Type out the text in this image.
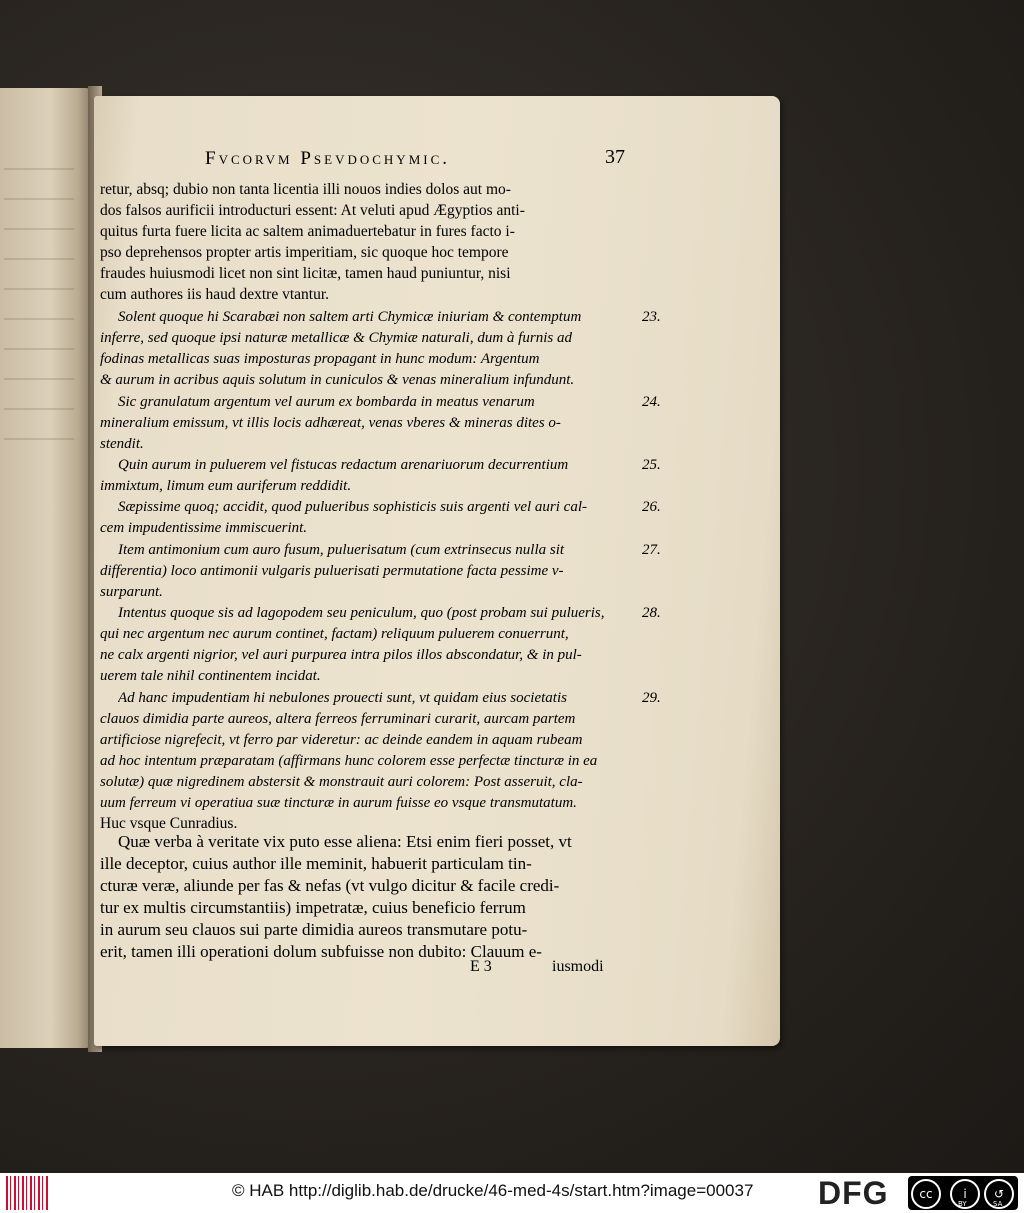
Fvcorvm Psevdochymic.	37
retur, absq; dubio non tanta licentia illi nouos indies dolos aut mo-
dos falsos aurificii introducturi essent: At veluti apud Ægyptios anti-
quitus furta fuere licita ac saltem animaduertebatur in fures facto i-
pso deprehensos propter artis imperitiam, sic quoque hoc tempore
fraudes huiusmodi licet non sint licitæ, tamen haud puniuntur, nisi
cum authores iis haud dextre vtantur.
Solent quoque hi Scarabæi non saltem arti Chymicæ iniuriam & contemptum
inferre, sed quoque ipsi naturæ metallicæ & Chymiæ naturali, dum à furnis ad
fodinas metallicas suas imposturas propagant in hunc modum: Argentum
& aurum in acribus aquis solutum in cuniculos & venas mineralium infundunt.
Sic granulatum argentum vel aurum ex bombarda in meatus venarum
mineralium emissum, vt illis locis adhæreat, venas vberes & mineras dites o-
stendit.
Quin aurum in puluerem vel fistucas redactum arenariuorum decurrentium
immixtum, limum eum auriferum reddidit.
Sæpissime quoq; accidit, quod pulueribus sophisticis suis argenti vel auri cal-
cem impudentissime immiscuerint.
Item antimonium cum auro fusum, puluerisatum (cum extrinsecus nulla sit
differentia) loco antimonii vulgaris puluerisati permutatione facta pessime v-
surparunt.
Intentus quoque sis ad lagopodem seu peniculum, quo (post probam sui pulueris,
qui nec argentum nec aurum continet, factam) reliquum puluerem conuerrunt,
ne calx argenti nigrior, vel auri purpurea intra pilos illos abscondatur, & in pul-
uerem tale nihil continentem incidat.
Ad hanc impudentiam hi nebulones prouecti sunt, vt quidam eius societatis
clauos dimidia parte aureos, altera ferreos ferruminari curarit, aurcam partem
artificiose nigrefecit, vt ferro par videretur: ac deinde eandem in aquam rubeam
ad hoc intentum præparatam (affirmans hunc colorem esse perfectæ tincturæ in ea
solutæ) quæ nigredinem abstersit & monstrauit auri colorem: Post asseruit, cla-
uum ferreum vi operatiua suæ tincturæ in aurum fuisse eo vsque transmutatum.
Huc vsque Cunradius.
Quæ verba à veritate vix puto esse aliena: Etsi enim fieri posset, vt
ille deceptor, cuius author ille meminit, habuerit particulam tin-
cturæ veræ, aliunde per fas & nefas (vt vulgo dicitur & facile credi-
tur ex multis circumstantiis) impetratæ, cuius beneficio ferrum
in aurum seu clauos sui parte dimidia aureos transmutare potu-
erit, tamen illi operationi dolum subfuisse non dubito: Clauum e-
E 3	iusmodi
23.
24.
25.
26.
27.
28.
29.
© HAB http://diglib.hab.de/drucke/46-med-4s/start.htm?image=00037 DFG	cc	i	↺
BY	SA
